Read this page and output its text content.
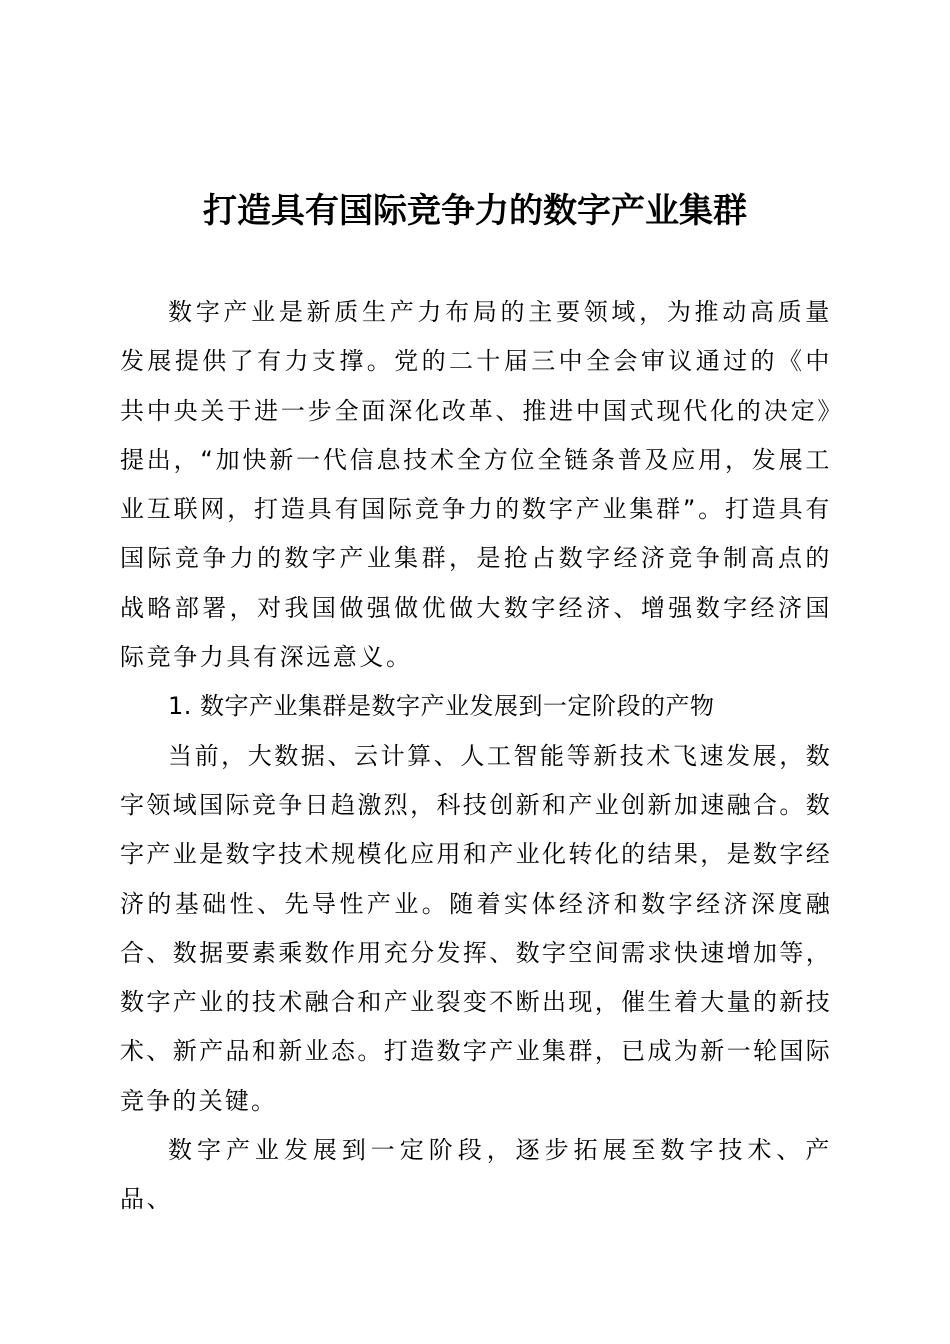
打造具有国际竞争力的数字产业集群

数字产业是新质生产力布局的主要领域，为推动高质量发展提供了有力支撑。党的二十届三中全会审议通过的《中共中央关于进一步全面深化改革、推进中国式现代化的决定》提出，“加快新一代信息技术全方位全链条普及应用，发展工业互联网，打造具有国际竞争力的数字产业集群”。打造具有国际竞争力的数字产业集群，是抢占数字经济竞争制高点的战略部署，对我国做强做优做大数字经济、增强数字经济国际竞争力具有深远意义。

1. 数字产业集群是数字产业发展到一定阶段的产物

当前，大数据、云计算、人工智能等新技术飞速发展，数字领域国际竞争日趋激烈，科技创新和产业创新加速融合。数字产业是数字技术规模化应用和产业化转化的结果，是数字经济的基础性、先导性产业。随着实体经济和数字经济深度融合、数据要素乘数作用充分发挥、数字空间需求快速增加等，数字产业的技术融合和产业裂变不断出现，催生着大量的新技术、新产品和新业态。打造数字产业集群，已成为新一轮国际竞争的关键。

数字产业发展到一定阶段，逐步拓展至数字技术、产品、
